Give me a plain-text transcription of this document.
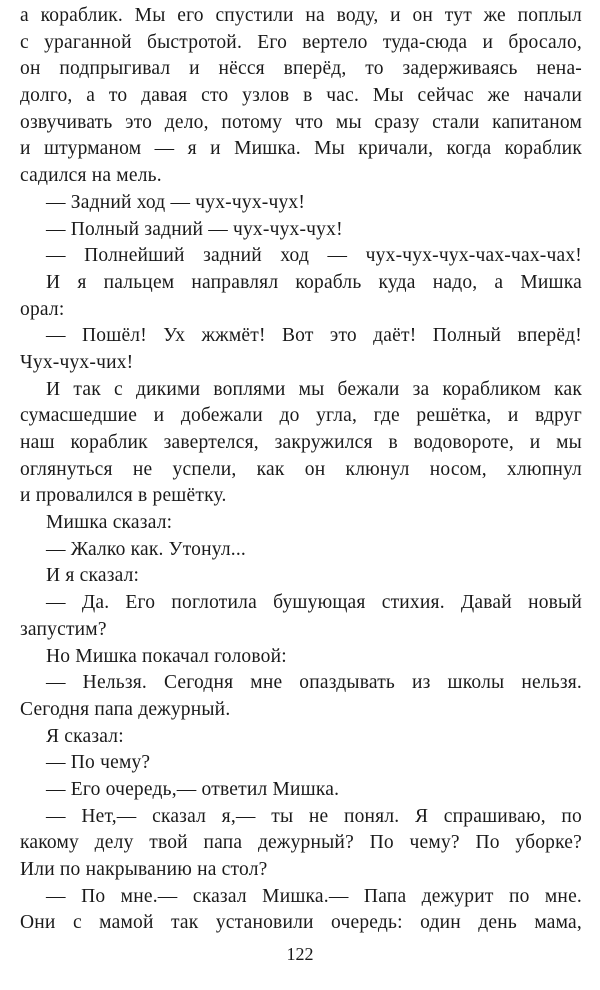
а кораблик. Мы его спустили на воду, и он тут же поплыл
с ураганной быстротой. Его вертело туда-сюда и бросало,
он подпрыгивал и нёсся вперёд, то задерживаясь нена-
долго, а то давая сто узлов в час. Мы сейчас же начали
озвучивать это дело, потому что мы сразу стали капитаном
и штурманом — я и Мишка. Мы кричали, когда кораблик
садился на мель.
— Задний ход — чух-чух-чух!
— Полный задний — чух-чух-чух!
— Полнейший задний ход — чух-чух-чух-чах-чах-чах!
И я пальцем направлял корабль куда надо, а Мишка
орал:
— Пошёл! Ух жжмёт! Вот это даёт! Полный вперёд!
Чух-чух-чих!
И так с дикими воплями мы бежали за корабликом как
сумасшедшие и добежали до угла, где решётка, и вдруг
наш кораблик завертелся, закружился в водовороте, и мы
оглянуться не успели, как он клюнул носом, хлюпнул
и провалился в решётку.
Мишка сказал:
— Жалко как. Утонул...
И я сказал:
— Да. Его поглотила бушующая стихия. Давай новый
запустим?
Но Мишка покачал головой:
— Нельзя. Сегодня мне опаздывать из школы нельзя.
Сегодня папа дежурный.
Я сказал:
— По чему?
— Его очередь,— ответил Мишка.
— Нет,— сказал я,— ты не понял. Я спрашиваю, по
какому делу твой папа дежурный? По чему? По уборке?
Или по накрыванию на стол?
— По мне.— сказал Мишка.— Папа дежурит по мне.
Они с мамой так установили очередь: один день мама,
122
